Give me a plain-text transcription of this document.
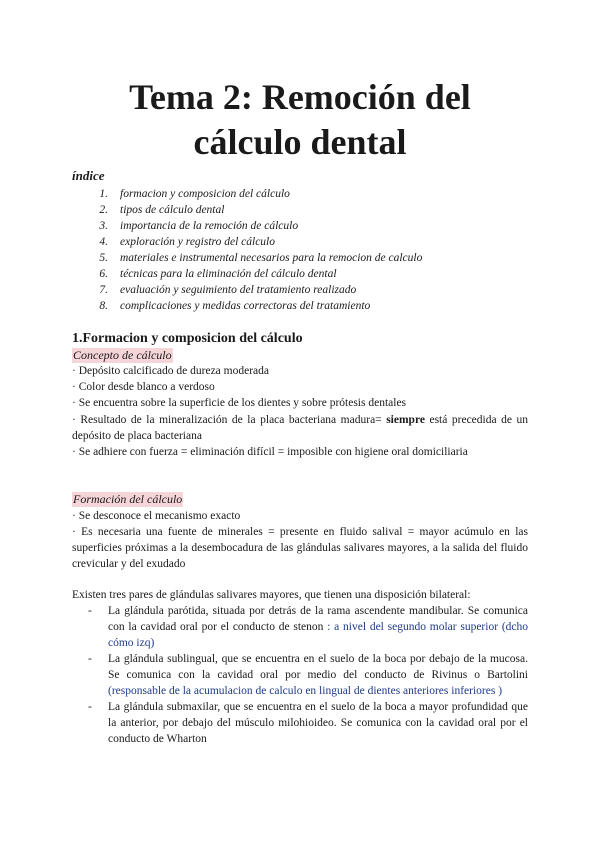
Tema 2: Remoción del
cálculo dental
índice
1. formacion y composicion del cálculo
2. tipos de cálculo dental
3. importancia de la remoción de cálculo
4. exploración y registro del cálculo
5. materiales e instrumental necesarios para la remocion de calculo
6. técnicas para la eliminación del cálculo dental
7. evaluación y seguimiento del tratamiento realizado
8. complicaciones y medidas correctoras del tratamiento
1.Formacion y composicion del cálculo
Concepto de cálculo
· Depósito calcificado de dureza moderada
· Color desde blanco a verdoso
· Se encuentra sobre la superficie de los dientes y sobre prótesis dentales
· Resultado de la mineralización de la placa bacteriana madura= siempre está precedida de un depósito de placa bacteriana
· Se adhiere con fuerza = eliminación difícil = imposible con higiene oral domiciliaria
Formación del cálculo
· Se desconoce el mecanismo exacto
· Es necesaria una fuente de minerales = presente en fluido salival = mayor acúmulo en las superficies próximas a la desembocadura de las glándulas salivares mayores, a la salida del fluido crevicular y del exudado
Existen tres pares de glándulas salivares mayores, que tienen una disposición bilateral:
- La glándula parótida, situada por detrás de la rama ascendente mandibular. Se comunica con la cavidad oral por el conducto de stenon : a nivel del segundo molar superior (dcho cómo izq)
- La glándula sublingual, que se encuentra en el suelo de la boca por debajo de la mucosa. Se comunica con la cavidad oral por medio del conducto de Rivinus o Bartolini (responsable de la acumulacion de calculo en lingual de dientes anteriores inferiores )
- La glándula submaxilar, que se encuentra en el suelo de la boca a mayor profundidad que la anterior, por debajo del músculo milohioideo. Se comunica con la cavidad oral por el conducto de Wharton
